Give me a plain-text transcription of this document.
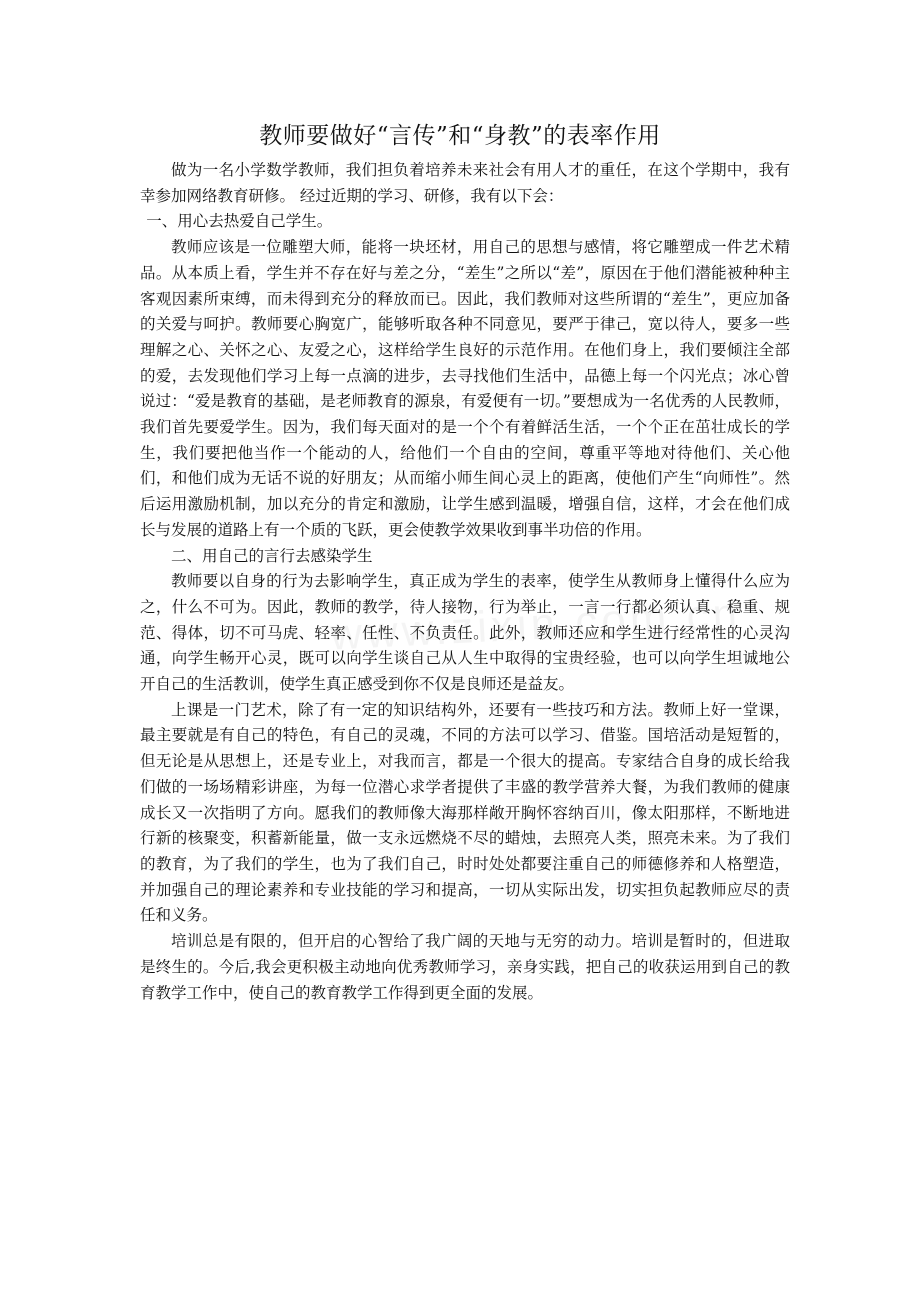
教师要做好“言传”和“身教”的表率作用

做为一名小学数学教师，我们担负着培养未来社会有用人才的重任，在这个学期中，我有幸参加网络教育研修。 经过近期的学习、研修，我有以下会：

一、用心去热爱自己学生。

教师应该是一位雕塑大师，能将一块坯材，用自己的思想与感情，将它雕塑成一件艺术精品。从本质上看，学生并不存在好与差之分，“差生”之所以“差”，原因在于他们潜能被种种主客观因素所束缚，而未得到充分的释放而已。因此，我们教师对这些所谓的“差生”，更应加备的关爱与呵护。教师要心胸宽广，能够听取各种不同意见，要严于律己，宽以待人，要多一些理解之心、关怀之心、友爱之心，这样给学生良好的示范作用。在他们身上，我们要倾注全部的爱，去发现他们学习上每一点滴的进步，去寻找他们生活中，品德上每一个闪光点；冰心曾说过：“爱是教育的基础，是老师教育的源泉，有爱便有一切。”要想成为一名优秀的人民教师，我们首先要爱学生。因为，我们每天面对的是一个个有着鲜活生活，一个个正在茁壮成长的学生，我们要把他当作一个能动的人，给他们一个自由的空间，尊重平等地对待他们、关心他们，和他们成为无话不说的好朋友；从而缩小师生间心灵上的距离，使他们产生“向师性”。然后运用激励机制，加以充分的肯定和激励，让学生感到温暖，增强自信，这样，才会在他们成长与发展的道路上有一个质的飞跃，更会使教学效果收到事半功倍的作用。

二、用自己的言行去感染学生

教师要以自身的行为去影响学生，真正成为学生的表率，使学生从教师身上懂得什么应为之，什么不可为。因此，教师的教学，待人接物，行为举止，一言一行都必须认真、稳重、规范、得体，切不可马虎、轻率、任性、不负责任。此外，教师还应和学生进行经常性的心灵沟通，向学生畅开心灵，既可以向学生谈自己从人生中取得的宝贵经验，也可以向学生坦诚地公开自己的生活教训，使学生真正感受到你不仅是良师还是益友。

上课是一门艺术，除了有一定的知识结构外，还要有一些技巧和方法。教师上好一堂课，最主要就是有自己的特色，有自己的灵魂，不同的方法可以学习、借鉴。国培活动是短暂的，但无论是从思想上，还是专业上，对我而言，都是一个很大的提高。专家结合自身的成长给我们做的一场场精彩讲座，为每一位潜心求学者提供了丰盛的教学营养大餐，为我们教师的健康成长又一次指明了方向。愿我们的教师像大海那样敞开胸怀容纳百川，像太阳那样，不断地进行新的核聚变，积蓄新能量，做一支永远燃烧不尽的蜡烛，去照亮人类，照亮未来。为了我们的教育，为了我们的学生，也为了我们自己，时时处处都要注重自己的师德修养和人格塑造，并加强自己的理论素养和专业技能的学习和提高，一切从实际出发，切实担负起教师应尽的责任和义务。

培训总是有限的，但开启的心智给了我广阔的天地与无穷的动力。培训是暂时的，但进取是终生的。今后,我会更积极主动地向优秀教师学习，亲身实践，把自己的收获运用到自己的教育教学工作中，使自己的教育教学工作得到更全面的发展。
